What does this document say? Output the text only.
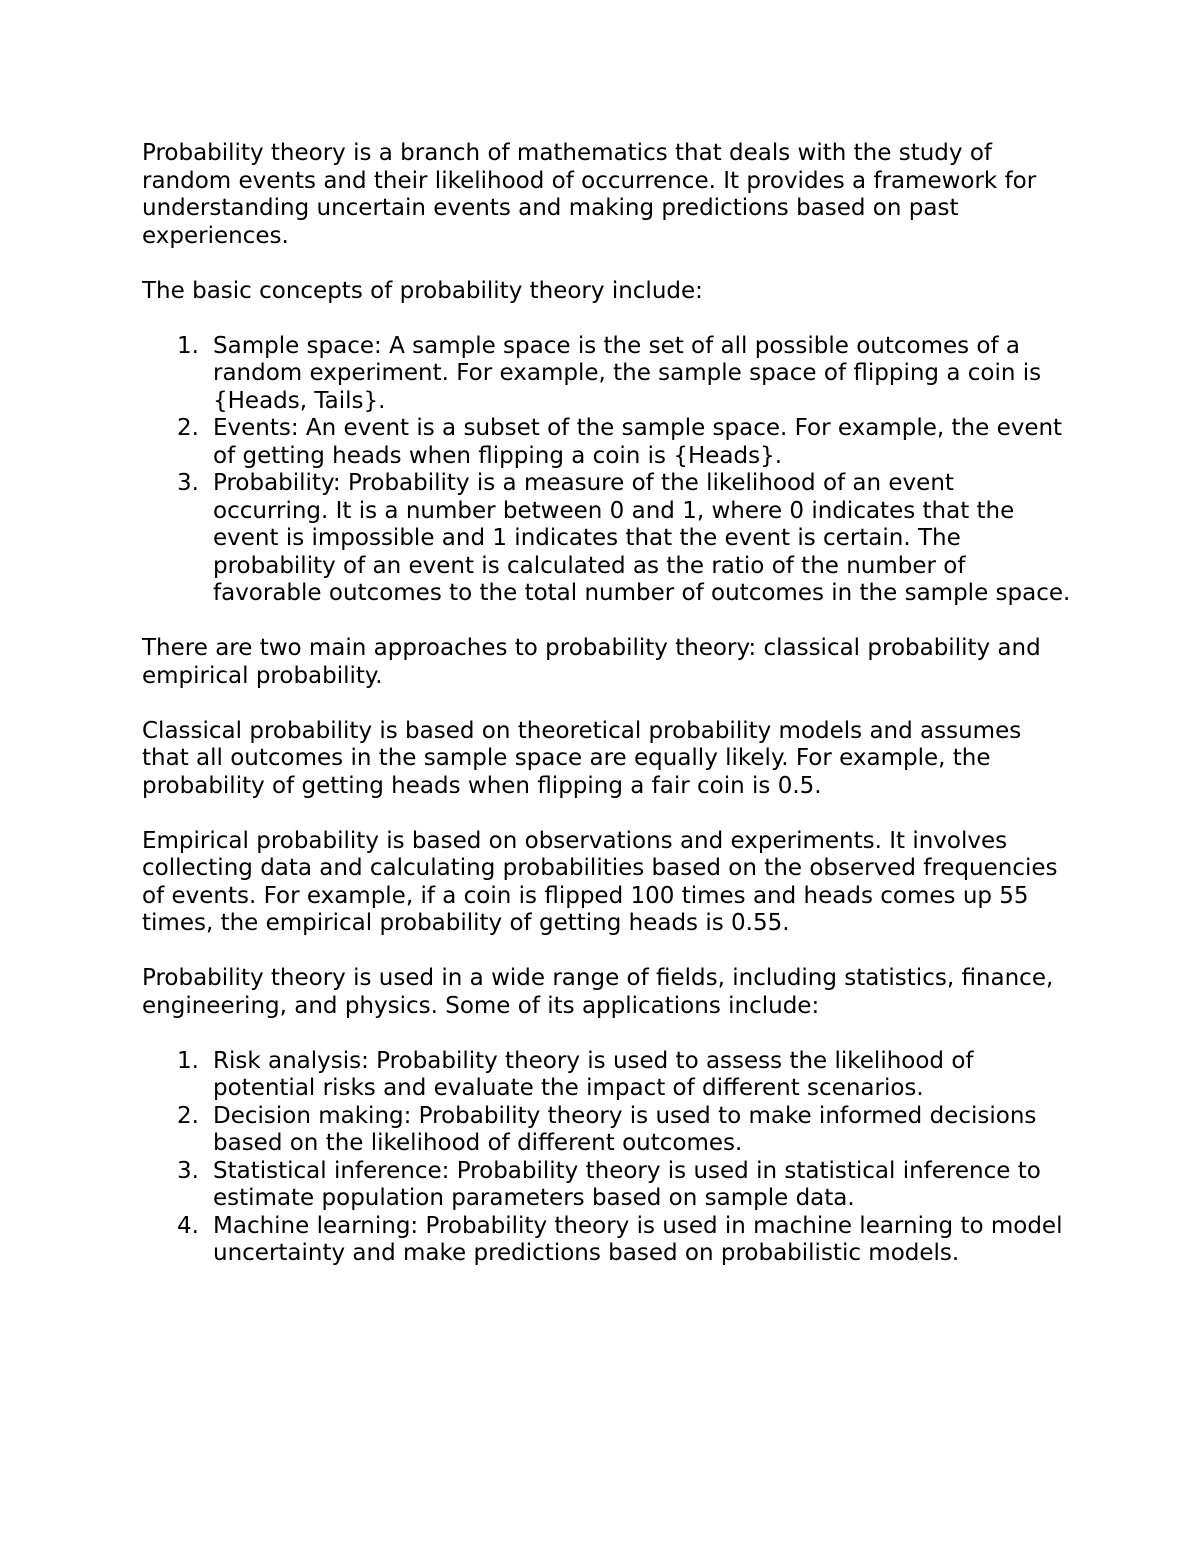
Probability theory is a branch of mathematics that deals with the study of random events and their likelihood of occurrence. It provides a framework for understanding uncertain events and making predictions based on past experiences.

The basic concepts of probability theory include:

1. Sample space: A sample space is the set of all possible outcomes of a random experiment. For example, the sample space of flipping a coin is {Heads, Tails}.
2. Events: An event is a subset of the sample space. For example, the event of getting heads when flipping a coin is {Heads}.
3. Probability: Probability is a measure of the likelihood of an event occurring. It is a number between 0 and 1, where 0 indicates that the event is impossible and 1 indicates that the event is certain. The probability of an event is calculated as the ratio of the number of favorable outcomes to the total number of outcomes in the sample space.

There are two main approaches to probability theory: classical probability and empirical probability.

Classical probability is based on theoretical probability models and assumes that all outcomes in the sample space are equally likely. For example, the probability of getting heads when flipping a fair coin is 0.5.

Empirical probability is based on observations and experiments. It involves collecting data and calculating probabilities based on the observed frequencies of events. For example, if a coin is flipped 100 times and heads comes up 55 times, the empirical probability of getting heads is 0.55.

Probability theory is used in a wide range of fields, including statistics, finance, engineering, and physics. Some of its applications include:

1. Risk analysis: Probability theory is used to assess the likelihood of potential risks and evaluate the impact of different scenarios.
2. Decision making: Probability theory is used to make informed decisions based on the likelihood of different outcomes.
3. Statistical inference: Probability theory is used in statistical inference to estimate population parameters based on sample data.
4. Machine learning: Probability theory is used in machine learning to model uncertainty and make predictions based on probabilistic models.
